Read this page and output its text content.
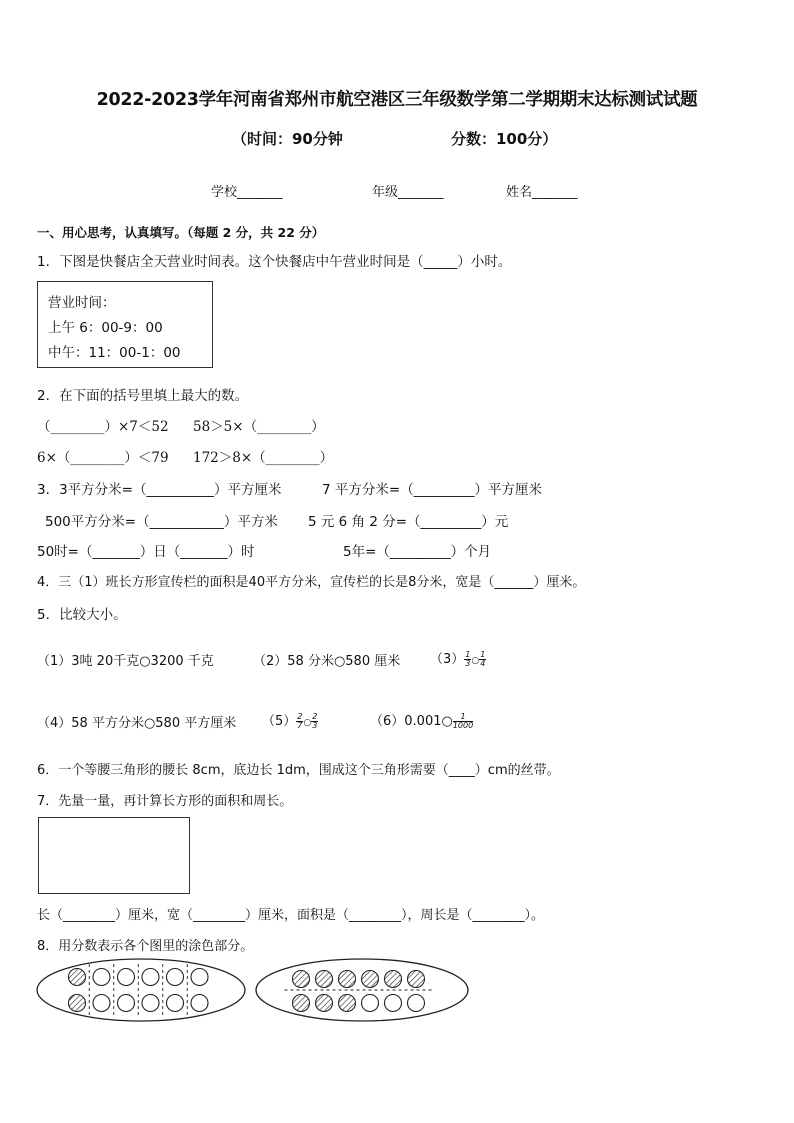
2022-2023学年河南省郑州市航空港区三年级数学第二学期期末达标测试试题
（时间：90分钟	分数：100分）
学校_______	年级_______	姓名_______
一、用心思考，认真填写。（每题 2 分，共 22 分）
1．下图是快餐店全天营业时间表。这个快餐店中午营业时间是（_____）小时。
营业时间：
上午 6：00-9：00
中午：11：00-1：00
2．在下面的括号里填上最大的数。
（________）×7＜52 58＞5×（________）
6×（________）＜79 172＞8×（________）
3．3平方分米=（__________）平方厘米	7 平方分米=（_________）平方厘米
500平方分米=（___________）平方米 5 元 6 角 2 分=（_________）元
50时=（_______）日（_______）时	5年=（_________）个月
4．三（1）班长方形宣传栏的面积是40平方分米，宣传栏的长是8分米，宽是（______）厘米。
5．比较大小。
（1）3吨 20千克○3200 千克	（2）58 分米○580 厘米 $(3) \frac{1}{3}$ ○ $\frac{1}{4}$
（4）58 平方分米○580 平方厘米 $(5) \frac{2}{7}$ ○ $\frac{2}{3}$	（6）0.001○ $\frac{1}{1000}$
6．一个等腰三角形的腰长 8cm，底边长 1dm，围成这个三角形需要（____）cm的丝带。
7．先量一量，再计算长方形的面积和周长。
长（________）厘米，宽（________）厘米，面积是（________），周长是（________）。
8．用分数表示各个图里的涂色部分。
